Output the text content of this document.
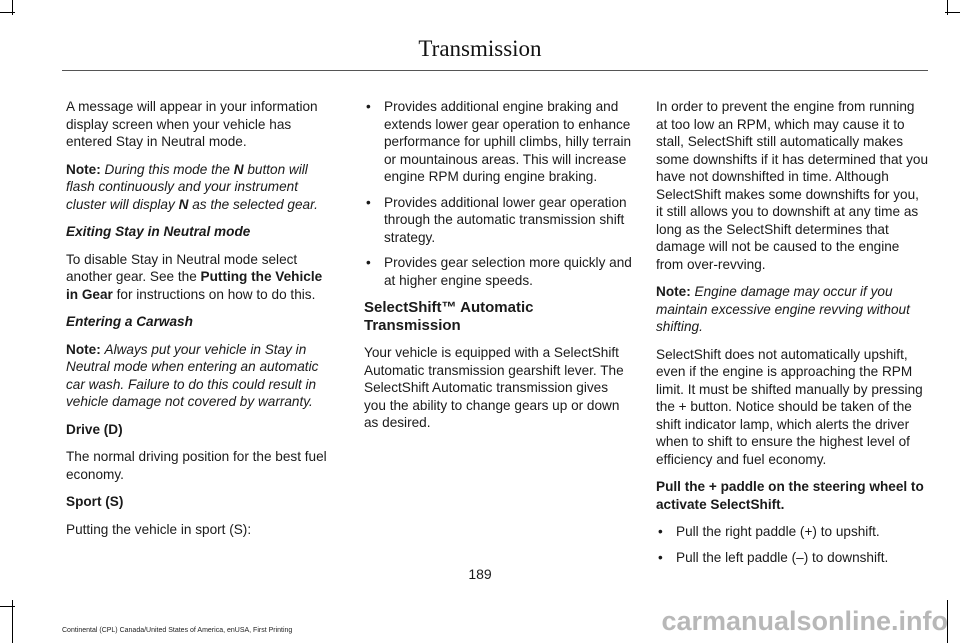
Transmission

A message will appear in your information display screen when your vehicle has entered Stay in Neutral mode.

Note: During this mode the N button will flash continuously and your instrument cluster will display N as the selected gear.

Exiting Stay in Neutral mode

To disable Stay in Neutral mode select another gear. See the Putting the Vehicle in Gear for instructions on how to do this.

Entering a Carwash

Note: Always put your vehicle in Stay in Neutral mode when entering an automatic car wash. Failure to do this could result in vehicle damage not covered by warranty.

Drive (D)

The normal driving position for the best fuel economy.

Sport (S)

Putting the vehicle in sport (S):

• Provides additional engine braking and extends lower gear operation to enhance performance for uphill climbs, hilly terrain or mountainous areas. This will increase engine RPM during engine braking.
• Provides additional lower gear operation through the automatic transmission shift strategy.
• Provides gear selection more quickly and at higher engine speeds.
SelectShift™ Automatic Transmission

Your vehicle is equipped with a SelectShift Automatic transmission gearshift lever. The SelectShift Automatic transmission gives you the ability to change gears up or down as desired.

In order to prevent the engine from running at too low an RPM, which may cause it to stall, SelectShift still automatically makes some downshifts if it has determined that you have not downshifted in time. Although SelectShift makes some downshifts for you, it still allows you to downshift at any time as long as the SelectShift determines that damage will not be caused to the engine from over-revving.

Note: Engine damage may occur if you maintain excessive engine revving without shifting.

SelectShift does not automatically upshift, even if the engine is approaching the RPM limit. It must be shifted manually by pressing the + button. Notice should be taken of the shift indicator lamp, which alerts the driver when to shift to ensure the highest level of efficiency and fuel economy.

Pull the + paddle on the steering wheel to activate SelectShift.

• Pull the right paddle (+) to upshift.
• Pull the left paddle (–) to downshift.
189
Continental (CPL) Canada/United States of America, enUSA, First Printing	carmanualsonline.info
